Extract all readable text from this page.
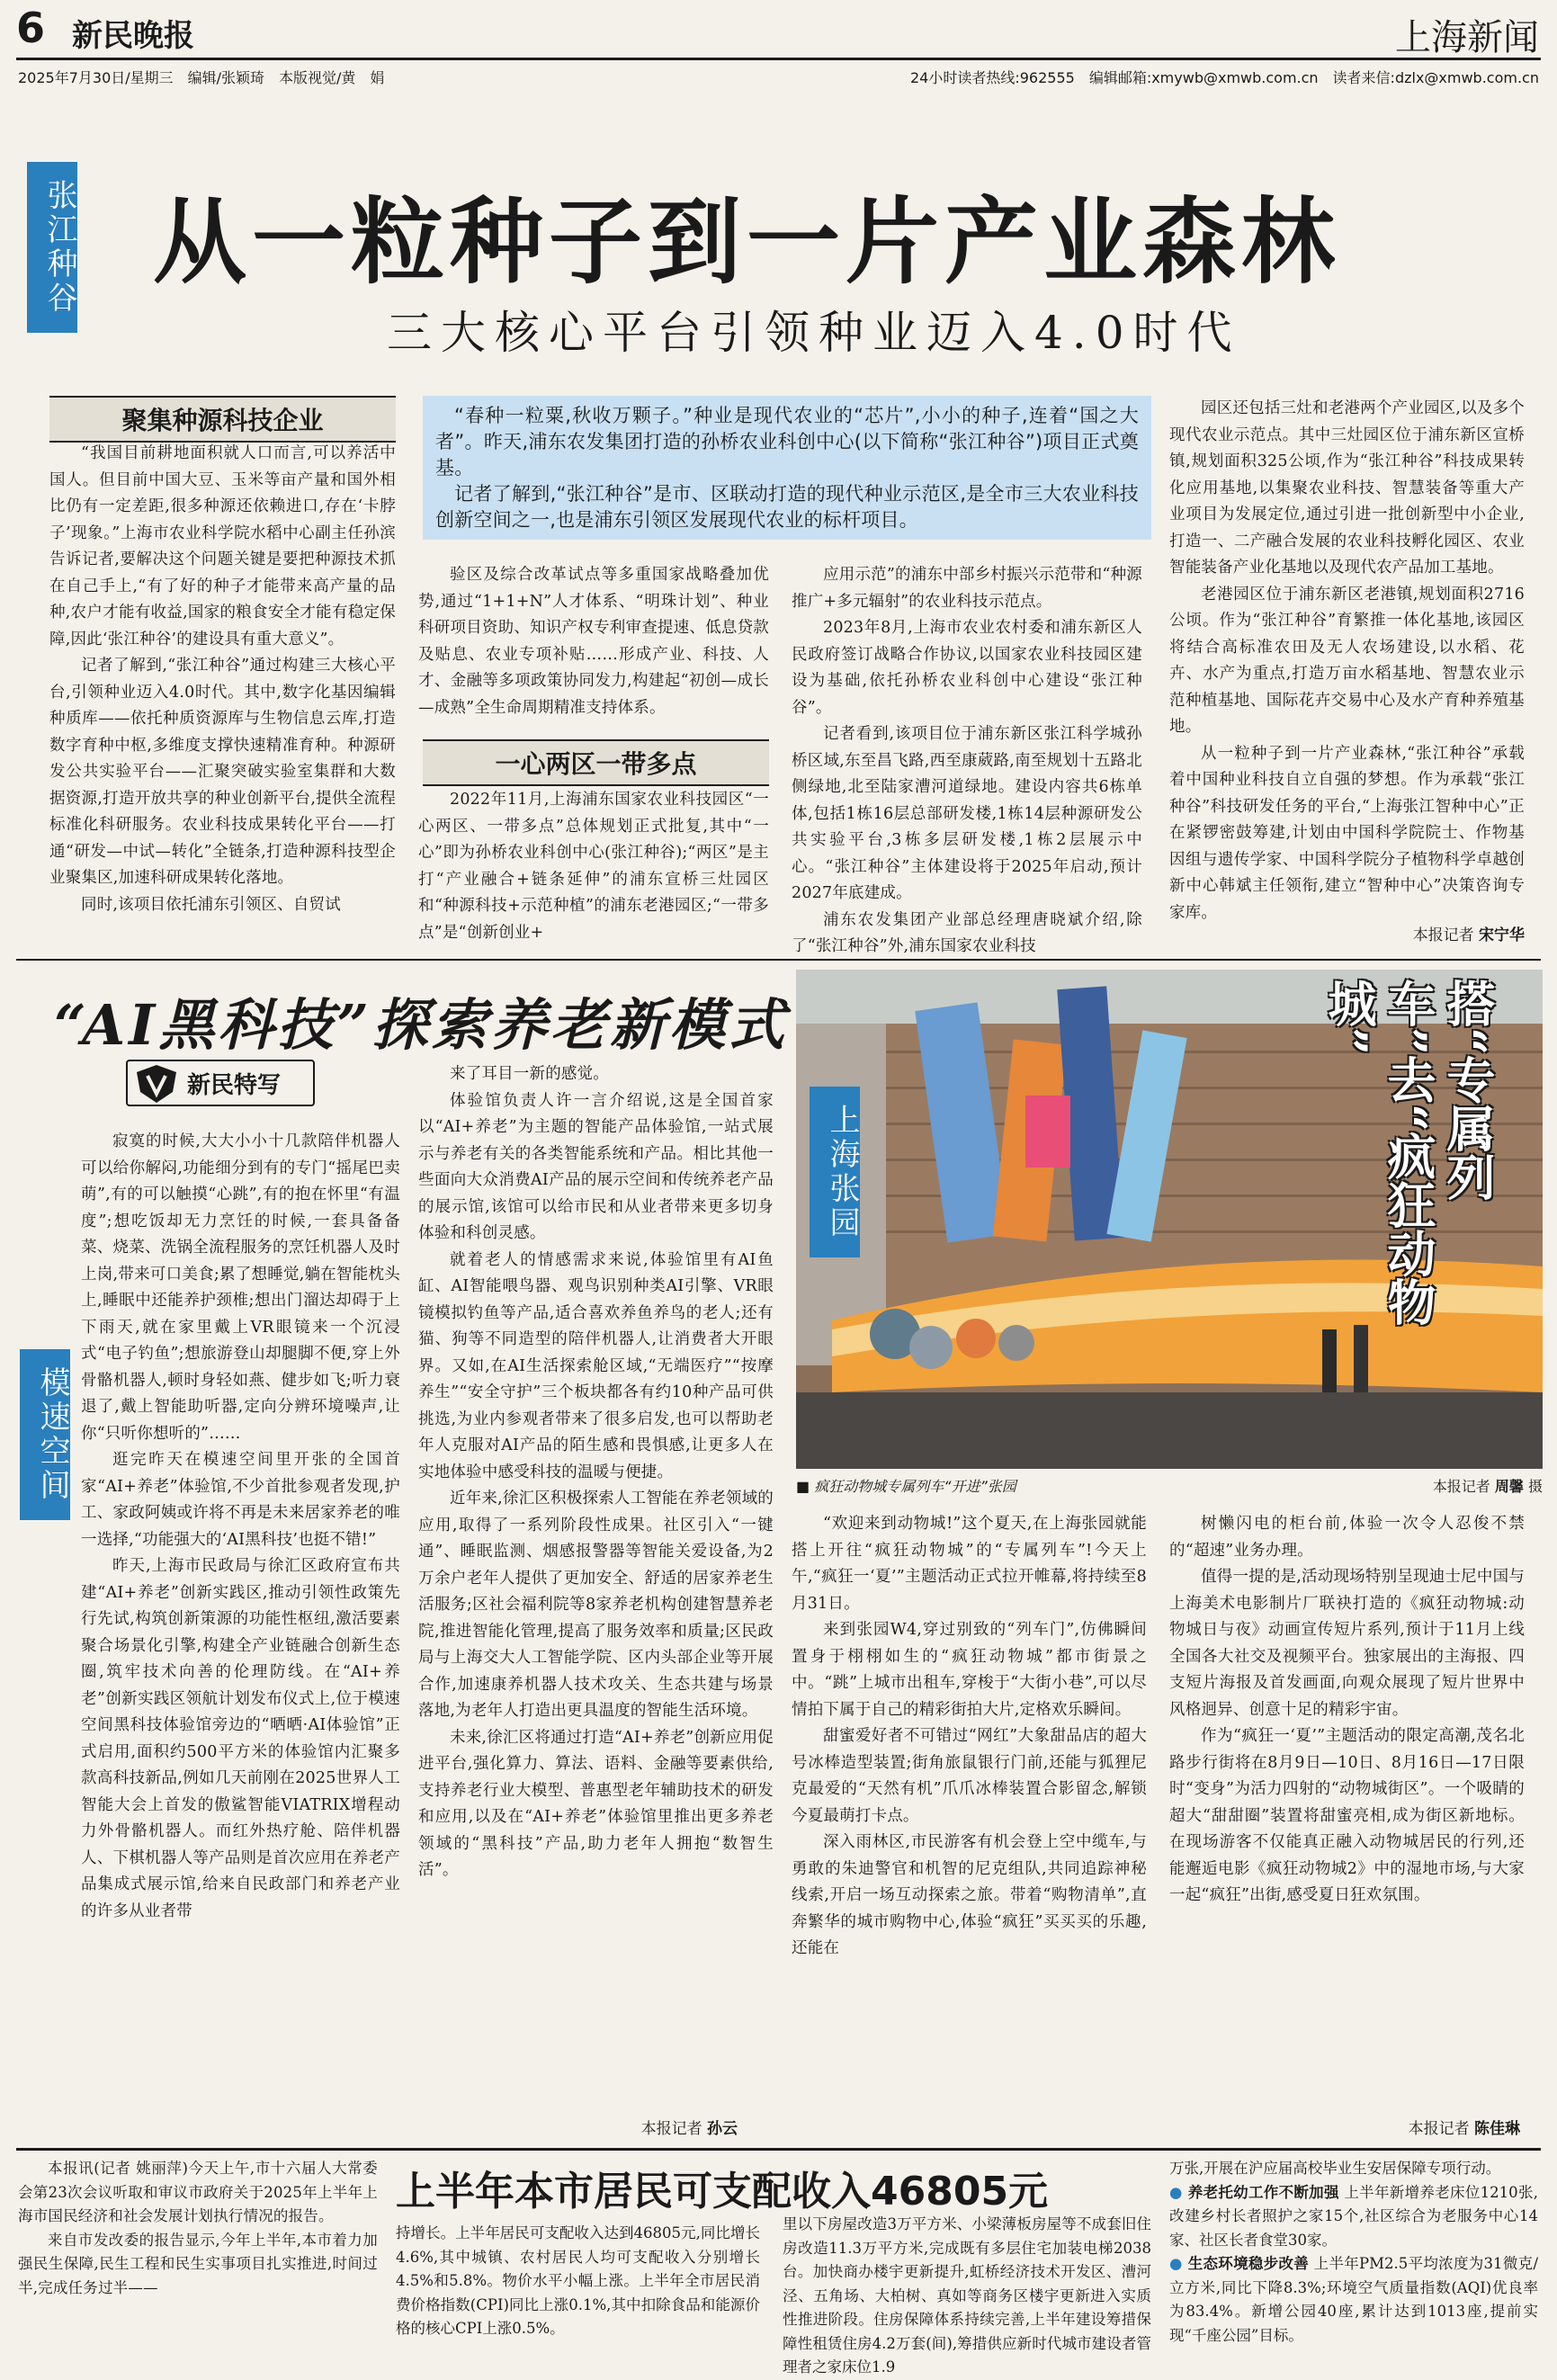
6 新民晚报	上海新闻
2025年7月30日/星期三　编辑/张颖琦　本版视觉/黄　娟	24小时读者热线:962555　编辑邮箱:xmywb@xmwb.com.cn　读者来信:dzlx@xmwb.com.cn
张江种谷 从一粒种子到一片产业森林
三大核心平台引领种业迈入4.0时代
聚集种源科技企业

“我国目前耕地面积就人口而言,可以养活中国人。但目前中国大豆、玉米等亩产量和国外相比仍有一定差距,很多种源还依赖进口,存在‘卡脖子’现象。”上海市农业科学院水稻中心副主任孙滨告诉记者,要解决这个问题关键是要把种源技术抓在自己手上,“有了好的种子才能带来高产量的品种,农户才能有收益,国家的粮食安全才能有稳定保障,因此‘张江种谷’的建设具有重大意义”。

记者了解到,“张江种谷”通过构建三大核心平台,引领种业迈入4.0时代。其中,数字化基因编辑种质库——依托种质资源库与生物信息云库,打造数字育种中枢,多维度支撑快速精准育种。种源研发公共实验平台——汇聚突破实验室集群和大数据资源,打造开放共享的种业创新平台,提供全流程标准化科研服务。农业科技成果转化平台——打通“研发—中试—转化”全链条,打造种源科技型企业聚集区,加速科研成果转化落地。

同时,该项目依托浦东引领区、自贸试

“春种一粒粟,秋收万颗子。”种业是现代农业的“芯片”,小小的种子,连着“国之大者”。昨天,浦东农发集团打造的孙桥农业科创中心(以下简称“张江种谷”)项目正式奠基。

记者了解到,“张江种谷”是市、区联动打造的现代种业示范区,是全市三大农业科技创新空间之一,也是浦东引领区发展现代农业的标杆项目。

验区及综合改革试点等多重国家战略叠加优势,通过“1+1+N”人才体系、“明珠计划”、种业科研项目资助、知识产权专利审查提速、低息贷款及贴息、农业专项补贴……形成产业、科技、人才、金融等多项政策协同发力,构建起“初创—成长—成熟”全生命周期精准支持体系。
一心两区一带多点
2022年11月,上海浦东国家农业科技园区“一心两区、一带多点”总体规划正式批复,其中“一心”即为孙桥农业科创中心(张江种谷);“两区”是主打“产业融合+链条延伸”的浦东宣桥三灶园区和“种源科技+示范种植”的浦东老港园区;“一带多点”是“创新创业+

应用示范”的浦东中部乡村振兴示范带和“种源推广+多元辐射”的农业科技示范点。

2023年8月,上海市农业农村委和浦东新区人民政府签订战略合作协议,以国家农业科技园区建设为基础,依托孙桥农业科创中心建设“张江种谷”。

记者看到,该项目位于浦东新区张江科学城孙桥区域,东至昌飞路,西至康葳路,南至规划十五路北侧绿地,北至陆家漕河道绿地。建设内容共6栋单体,包括1栋16层总部研发楼,1栋14层种源研发公共实验平台,3栋多层研发楼,1栋2层展示中心。“张江种谷”主体建设将于2025年启动,预计2027年底建成。

浦东农发集团产业部总经理唐晓斌介绍,除了“张江种谷”外,浦东国家农业科技

园区还包括三灶和老港两个产业园区,以及多个现代农业示范点。其中三灶园区位于浦东新区宣桥镇,规划面积325公顷,作为“张江种谷”科技成果转化应用基地,以集聚农业科技、智慧装备等重大产业项目为发展定位,通过引进一批创新型中小企业,打造一、二产融合发展的农业科技孵化园区、农业智能装备产业化基地以及现代农产品加工基地。

老港园区位于浦东新区老港镇,规划面积2716公顷。作为“张江种谷”育繁推一体化基地,该园区将结合高标准农田及无人农场建设,以水稻、花卉、水产为重点,打造万亩水稻基地、智慧农业示范种植基地、国际花卉交易中心及水产育种养殖基地。

从一粒种子到一片产业森林,“张江种谷”承载着中国种业科技自立自强的梦想。作为承载“张江种谷”科技研发任务的平台,“上海张江智种中心”正在紧锣密鼓筹建,计划由中国科学院院士、作物基因组与遗传学家、中国科学院分子植物科学卓越创新中心韩斌主任领衔,建立“智种中心”决策咨询专家库。

本报记者 宋宁华
“AI黑科技”探索养老新模式
新民特写
模速空间

寂寞的时候,大大小小十几款陪伴机器人可以给你解闷,功能细分到有的专门“摇尾巴卖萌”,有的可以触摸“心跳”,有的抱在怀里“有温度”;想吃饭却无力烹饪的时候,一套具备备菜、烧菜、洗锅全流程服务的烹饪机器人及时上岗,带来可口美食;累了想睡觉,躺在智能枕头上,睡眠中还能养护颈椎;想出门溜达却碍于上下雨天,就在家里戴上VR眼镜来一个沉浸式“电子钓鱼”;想旅游登山却腿脚不便,穿上外骨骼机器人,顿时身轻如燕、健步如飞;听力衰退了,戴上智能助听器,定向分辨环境噪声,让你“只听你想听的”……

逛完昨天在模速空间里开张的全国首家“AI+养老”体验馆,不少首批参观者发现,护工、家政阿姨或许将不再是未来居家养老的唯一选择,“功能强大的‘AI黑科技’也挺不错!”

昨天,上海市民政局与徐汇区政府宣布共建“AI+养老”创新实践区,推动引领性政策先行先试,构筑创新策源的功能性枢纽,激活要素聚合场景化引擎,构建全产业链融合创新生态圈,筑牢技术向善的伦理防线。在“AI+养老”创新实践区领航计划发布仪式上,位于模速空间黑科技体验馆旁边的“晒晒·AI体验馆”正式启用,面积约500平方米的体验馆内汇聚多款高科技新品,例如几天前刚在2025世界人工智能大会上首发的傲鲨智能VIATRIX增程动力外骨骼机器人。而红外热疗舱、陪伴机器人、下棋机器人等产品则是首次应用在养老产品集成式展示馆,给来自民政部门和养老产业的许多从业者带

来了耳目一新的感觉。

体验馆负责人许一言介绍说,这是全国首家以“AI+养老”为主题的智能产品体验馆,一站式展示与养老有关的各类智能系统和产品。相比其他一些面向大众消费AI产品的展示空间和传统养老产品的展示馆,该馆可以给市民和从业者带来更多切身体验和科创灵感。

就着老人的情感需求来说,体验馆里有AI鱼缸、AI智能喂鸟器、观鸟识别种类AI引擎、VR眼镜模拟钓鱼等产品,适合喜欢养鱼养鸟的老人;还有猫、狗等不同造型的陪伴机器人,让消费者大开眼界。又如,在AI生活探索舱区域,“无端医疗”“按摩养生”“安全守护”三个板块都各有约10种产品可供挑选,为业内参观者带来了很多启发,也可以帮助老年人克服对AI产品的陌生感和畏惧感,让更多人在实地体验中感受科技的温暖与便捷。

近年来,徐汇区积极探索人工智能在养老领域的应用,取得了一系列阶段性成果。社区引入“一键通”、睡眠监测、烟感报警器等智能关爱设备,为2万余户老年人提供了更加安全、舒适的居家养老生活服务;区社会福利院等8家养老机构创建智慧养老院,推进智能化管理,提高了服务效率和质量;区民政局与上海交大人工智能学院、区内头部企业等开展合作,加速康养机器人技术攻关、生态共建与场景落地,为老年人打造出更具温度的智能生活环境。

未来,徐汇区将通过打造“AI+养老”创新应用促进平台,强化算力、算法、语料、金融等要素供给,支持养老行业大模型、普惠型老年辅助技术的研发和应用,以及在“AI+养老”体验馆里推出更多养老领域的“黑科技”产品,助力老年人拥抱“数智生活”。

本报记者 孙云
上海张园	搭“专属列车”去“疯狂动物城”
■ 疯狂动物城专属列车“开进”张园	本报记者 周馨 摄

“欢迎来到动物城!”这个夏天,在上海张园就能搭上开往“疯狂动物城”的“专属列车”!今天上午,“疯狂一‘夏’”主题活动正式拉开帷幕,将持续至8月31日。

来到张园W4,穿过别致的“列车门”,仿佛瞬间置身于栩栩如生的“疯狂动物城”都市街景之中。“跳”上城市出租车,穿梭于“大街小巷”,可以尽情拍下属于自己的精彩街拍大片,定格欢乐瞬间。

甜蜜爱好者不可错过“网红”大象甜品店的超大号冰棒造型装置;街角旅鼠银行门前,还能与狐狸尼克最爱的“天然有机”爪爪冰棒装置合影留念,解锁今夏最萌打卡点。

深入雨林区,市民游客有机会登上空中缆车,与勇敢的朱迪警官和机智的尼克组队,共同追踪神秘线索,开启一场互动探索之旅。带着“购物清单”,直奔繁华的城市购物中心,体验“疯狂”买买买的乐趣,还能在

树懒闪电的柜台前,体验一次令人忍俊不禁的“超速”业务办理。

值得一提的是,活动现场特别呈现迪士尼中国与上海美术电影制片厂联袂打造的《疯狂动物城:动物城日与夜》动画宣传短片系列,预计于11月上线全国各大社交及视频平台。独家展出的主海报、四支短片海报及首发画面,向观众展现了短片世界中风格迥异、创意十足的精彩宇宙。

作为“疯狂一‘夏’”主题活动的限定高潮,茂名北路步行街将在8月9日—10日、8月16日—17日限时“变身”为活力四射的“动物城街区”。一个吸睛的超大“甜甜圈”装置将甜蜜亮相,成为街区新地标。在现场游客不仅能真正融入动物城居民的行列,还能邂逅电影《疯狂动物城2》中的湿地市场,与大家一起“疯狂”出街,感受夏日狂欢氛围。

本报记者 陈佳琳

本报讯(记者 姚丽萍)今天上午,市十六届人大常委会第23次会议听取和审议市政府关于2025年上半年上海市国民经济和社会发展计划执行情况的报告。

来自市发改委的报告显示,今年上半年,本市着力加强民生保障,民生工程和民生实事项目扎实推进,时间过半,完成任务过半——

上半年本市居民可支配收入46805元
持增长。上半年居民可支配收入达到46805元,同比增长4.6%,其中城镇、农村居民人均可支配收入分别增长4.5%和5.8%。物价水平小幅上涨。上半年全市居民消费价格指数(CPI)同比上涨0.1%,其中扣除食品和能源价格的核心CPI上涨0.5%。
里以下房屋改造3万平方米、小梁薄板房屋等不成套旧住房改造11.3万平方米,完成既有多层住宅加装电梯2038台。加快商办楼宇更新提升,虹桥经济技术开发区、漕河泾、五角场、大柏树、真如等商务区楼宇更新进入实质性推进阶段。住房保障体系持续完善,上半年建设筹措保障性租赁住房4.2万套(间),筹措供应新时代城市建设者管理者之家床位1.9
万张,开展在沪应届高校毕业生安居保障专项行动。
● 养老托幼工作不断加强 上半年新增养老床位1210张,改建乡村长者照护之家15个,社区综合为老服务中心14家、社区长者食堂30家。
● 生态环境稳步改善 上半年PM2.5平均浓度为31微克/立方米,同比下降8.3%;环境空气质量指数(AQI)优良率为83.4%。新增公园40座,累计达到1013座,提前实现“千座公园”目标。
●
